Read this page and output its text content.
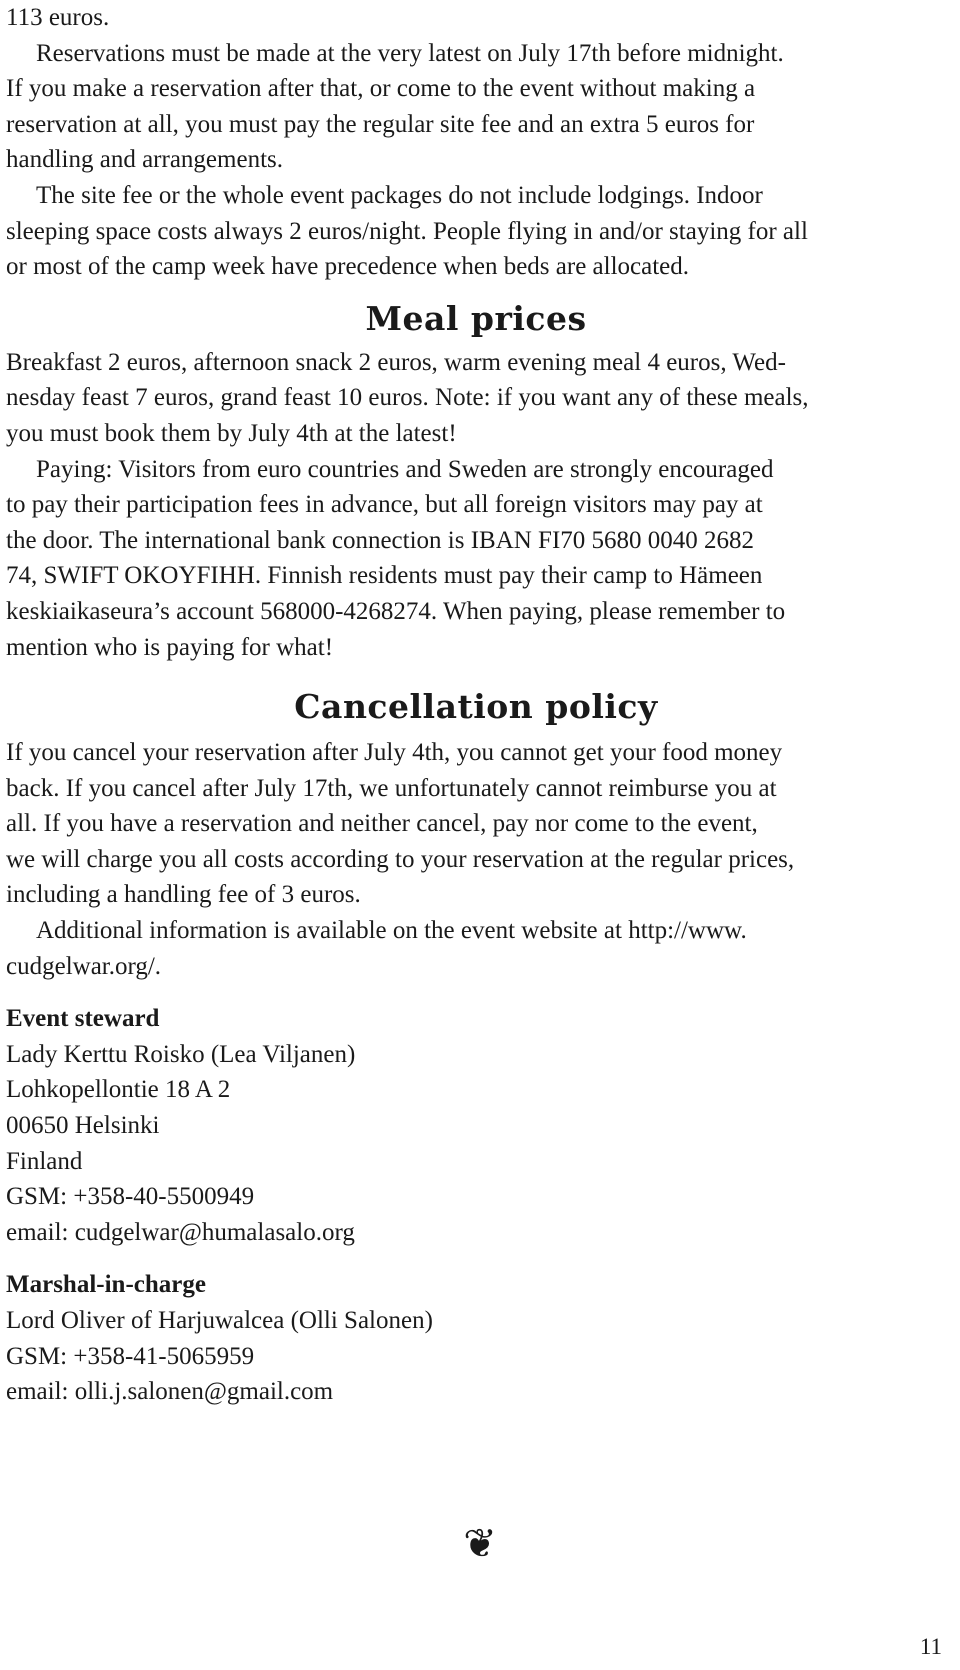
113 euros.
Reservations must be made at the very latest on July 17th before midnight.
If you make a reservation after that, or come to the event without making a
reservation at all, you must pay the regular site fee and an extra 5 euros for
handling and arrangements.
The site fee or the whole event packages do not include lodgings. Indoor
sleeping space costs always 2 euros/night. People flying in and/or staying for all
or most of the camp week have precedence when beds are allocated.
Meal prices
Breakfast 2 euros, afternoon snack 2 euros, warm evening meal 4 euros, Wed-
nesday feast 7 euros, grand feast 10 euros. Note: if you want any of these meals,
you must book them by July 4th at the latest!
Paying: Visitors from euro countries and Sweden are strongly encouraged
to pay their participation fees in advance, but all foreign visitors may pay at
the door. The international bank connection is IBAN FI70 5680 0040 2682
74, SWIFT OKOYFIHH. Finnish residents must pay their camp to Hämeen
keskiaikaseura’s account 568000-4268274. When paying, please remember to
mention who is paying for what!
Cancellation policy
If you cancel your reservation after July 4th, you cannot get your food money
back. If you cancel after July 17th, we unfortunately cannot reimburse you at
all. If you have a reservation and neither cancel, pay nor come to the event,
we will charge you all costs according to your reservation at the regular prices,
including a handling fee of 3 euros.
Additional information is available on the event website at http://www.
cudgelwar.org/.
Event steward
Lady Kerttu Roisko (Lea Viljanen)
Lohkopellontie 18 A 2
00650 Helsinki
Finland
GSM: +358-40-5500949
email: cudgelwar@humalasalo.org
Marshal-in-charge
Lord Oliver of Harjuwalcea (Olli Salonen)
GSM: +358-41-5065959
email: olli.j.salonen@gmail.com
❦
11
